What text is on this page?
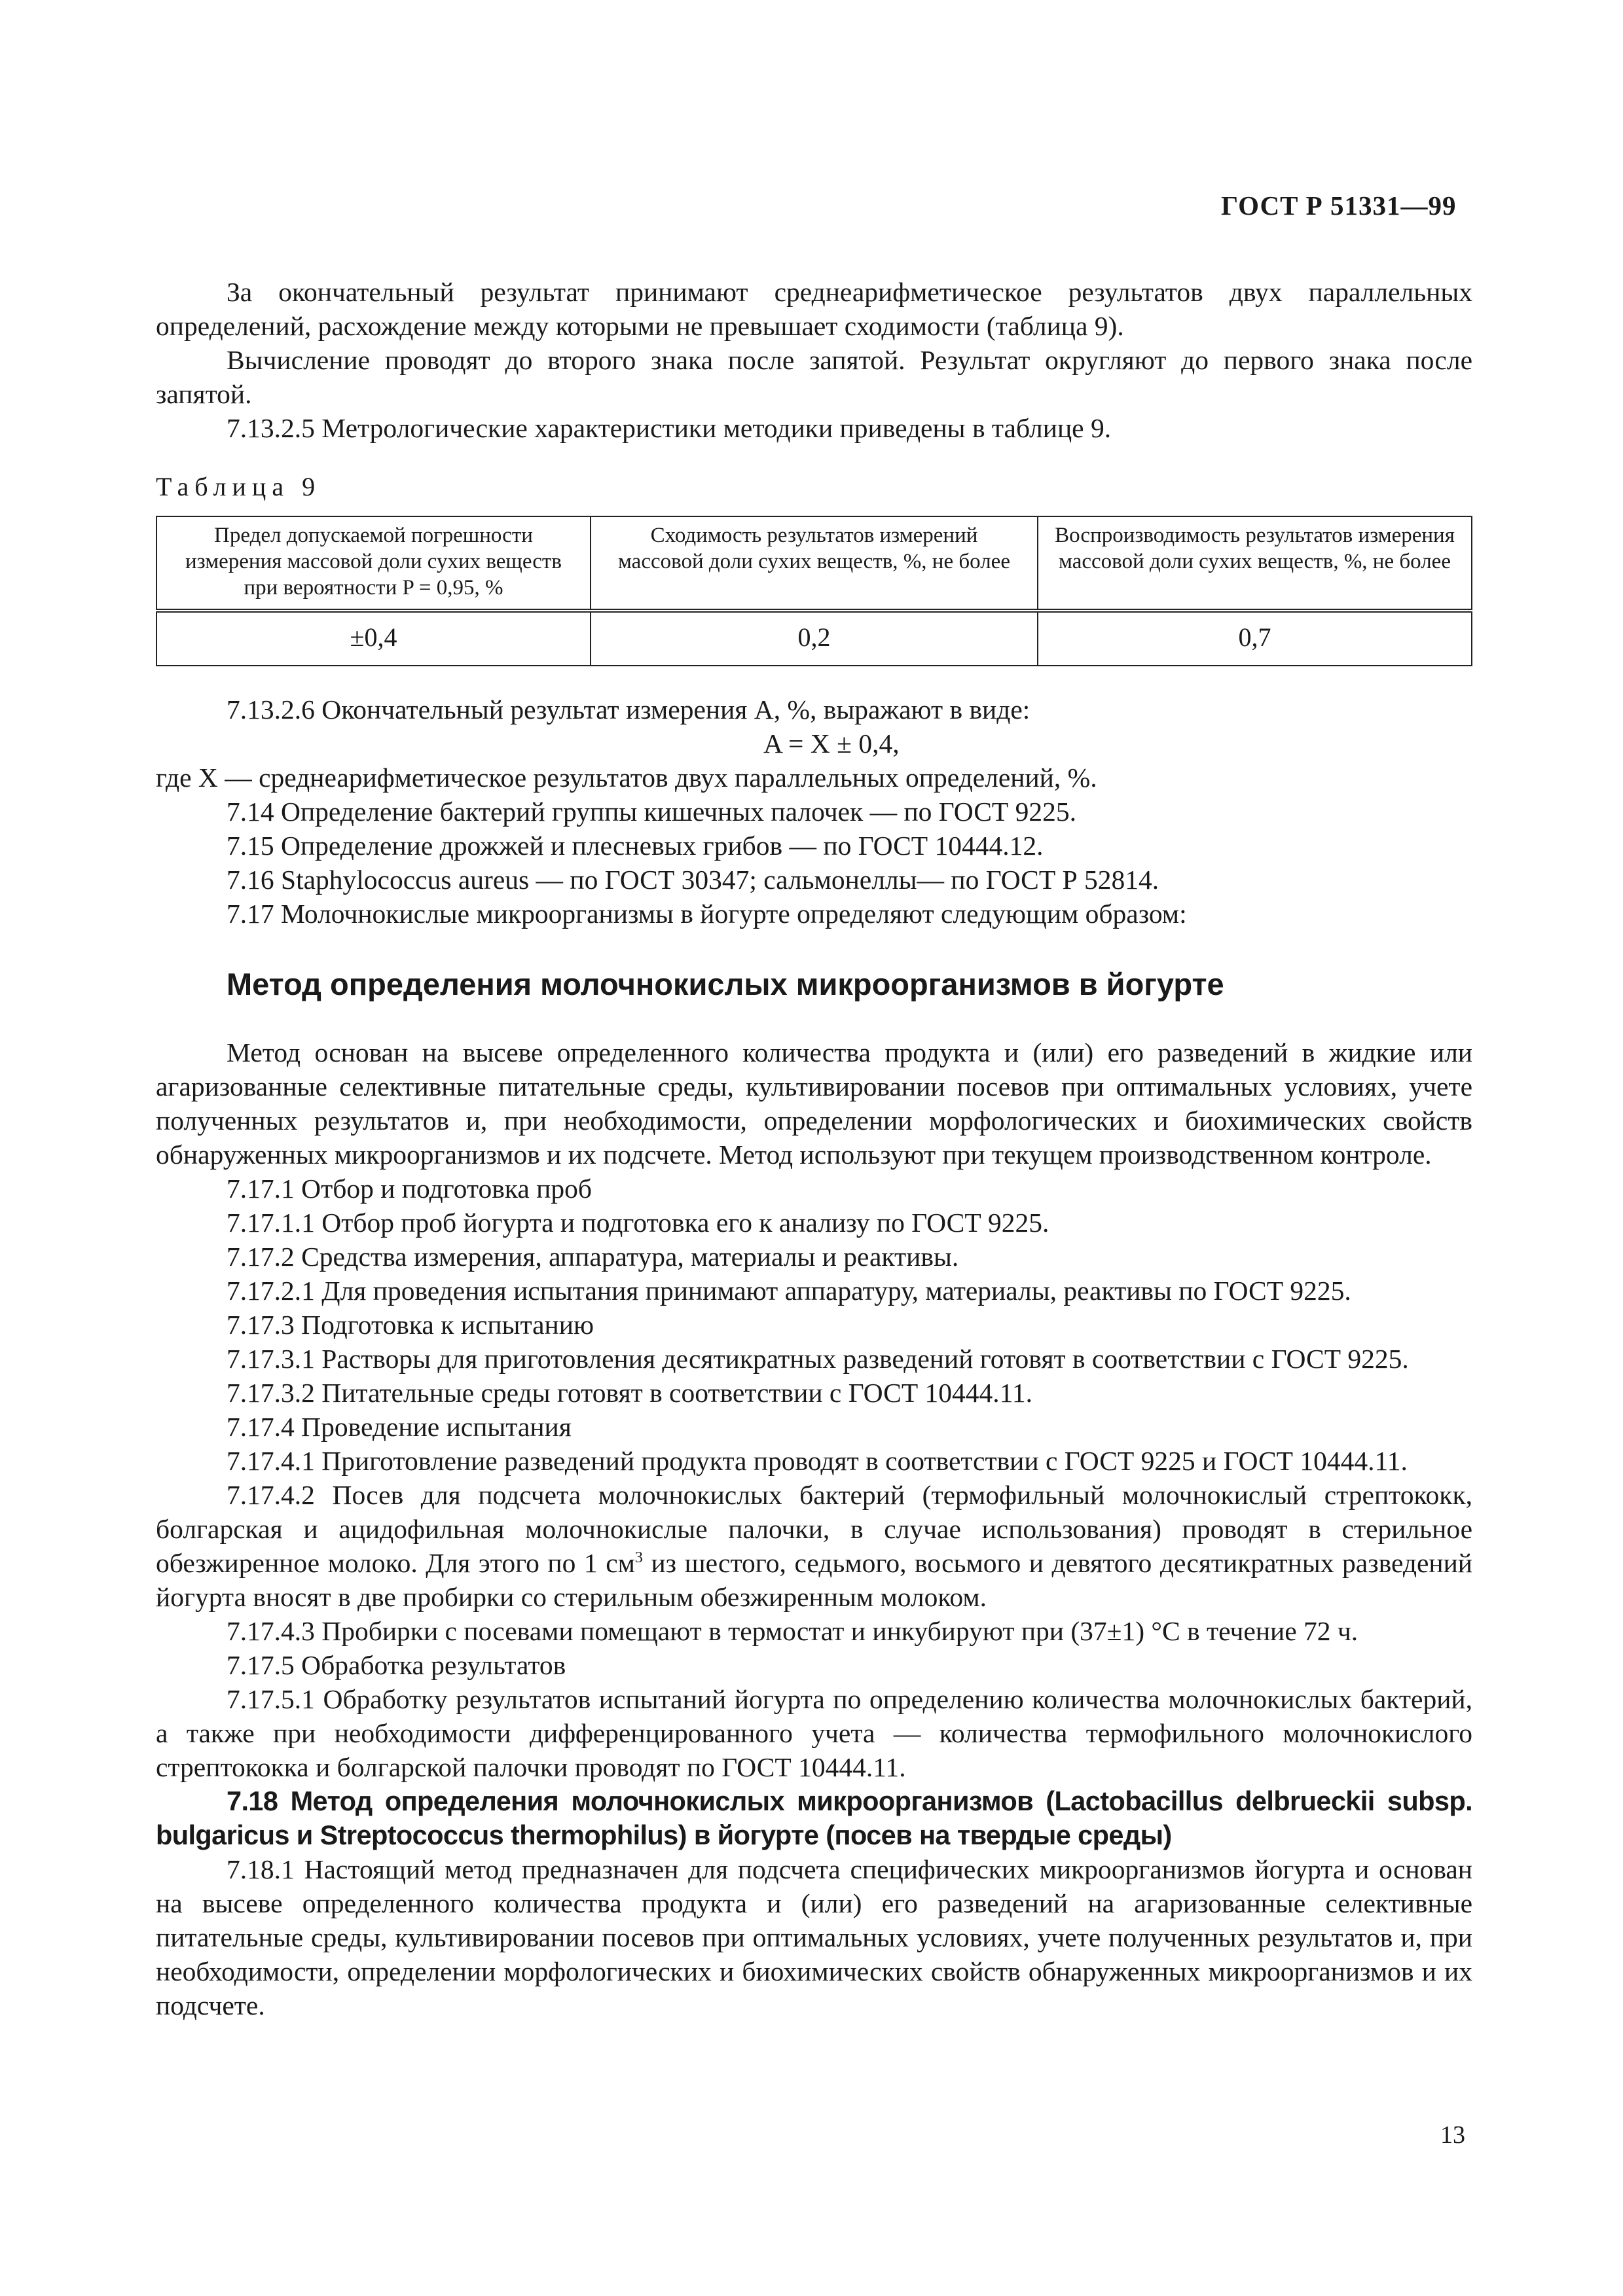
ГОСТ Р 51331—99

За окончательный результат принимают среднеарифметическое результатов двух параллельных определений, расхождение между которыми не превышает сходимости (таблица 9).

Вычисление проводят до второго знака после запятой. Результат округляют до первого знака после запятой.

7.13.2.5 Метрологические характеристики методики приведены в таблице 9.

Таблица 9
Предел допускаемой погрешности измерения массовой доли сухих веществ при вероятности P = 0,95, %	Сходимость результатов измерений массовой доли сухих веществ, %, не более	Воспроизводимость результатов измерения массовой доли сухих веществ, %, не более
±0,4	0,2	0,7

7.13.2.6 Окончательный результат измерения A, %, выражают в виде:

A = X ± 0,4,

где X — среднеарифметическое результатов двух параллельных определений, %.

7.14 Определение бактерий группы кишечных палочек — по ГОСТ 9225.

7.15 Определение дрожжей и плесневых грибов — по ГОСТ 10444.12.

7.16 Staphylococcus aureus — по ГОСТ 30347; сальмонеллы— по ГОСТ Р 52814.

7.17 Молочнокислые микроорганизмы в йогурте определяют следующим образом:

Метод определения молочнокислых микроорганизмов в йогурте

Метод основан на высеве определенного количества продукта и (или) его разведений в жидкие или агаризованные селективные питательные среды, культивировании посевов при оптимальных условиях, учете полученных результатов и, при необходимости, определении морфологических и биохимических свойств обнаруженных микроорганизмов и их подсчете. Метод используют при текущем производственном контроле.

7.17.1 Отбор и подготовка проб

7.17.1.1 Отбор проб йогурта и подготовка его к анализу по ГОСТ 9225.

7.17.2 Средства измерения, аппаратура, материалы и реактивы.

7.17.2.1 Для проведения испытания принимают аппаратуру, материалы, реактивы по ГОСТ 9225.

7.17.3 Подготовка к испытанию

7.17.3.1 Растворы для приготовления десятикратных разведений готовят в соответствии с ГОСТ 9225.

7.17.3.2 Питательные среды готовят в соответствии с ГОСТ 10444.11.

7.17.4 Проведение испытания

7.17.4.1 Приготовление разведений продукта проводят в соответствии с ГОСТ 9225 и ГОСТ 10444.11.

7.17.4.2 Посев для подсчета молочнокислых бактерий (термофильный молочнокислый стрептококк, болгарская и ацидофильная молочнокислые палочки, в случае использования) проводят в стерильное обезжиренное молоко. Для этого по 1 $см^3$ из шестого, седьмого, восьмого и девятого десятикратных разведений йогурта вносят в две пробирки со стерильным обезжиренным молоком.

7.17.4.3 Пробирки с посевами помещают в термостат и инкубируют при (37±1) °С в течение 72 ч.

7.17.5 Обработка результатов

7.17.5.1 Обработку результатов испытаний йогурта по определению количества молочнокислых бактерий, а также при необходимости дифференцированного учета — количества термофильного молочнокислого стрептококка и болгарской палочки проводят по ГОСТ 10444.11.

7.18 Метод определения молочнокислых микроорганизмов (Lactobacillus delbrueckii subsp. bulgaricus и Streptococcus thermophilus) в йогурте (посев на твердые среды)

7.18.1 Настоящий метод предназначен для подсчета специфических микроорганизмов йогурта и основан на высеве определенного количества продукта и (или) его разведений на агаризованные селективные питательные среды, культивировании посевов при оптимальных условиях, учете полученных результатов и, при необходимости, определении морфологических и биохимических свойств обнаруженных микроорганизмов и их подсчете.

13
